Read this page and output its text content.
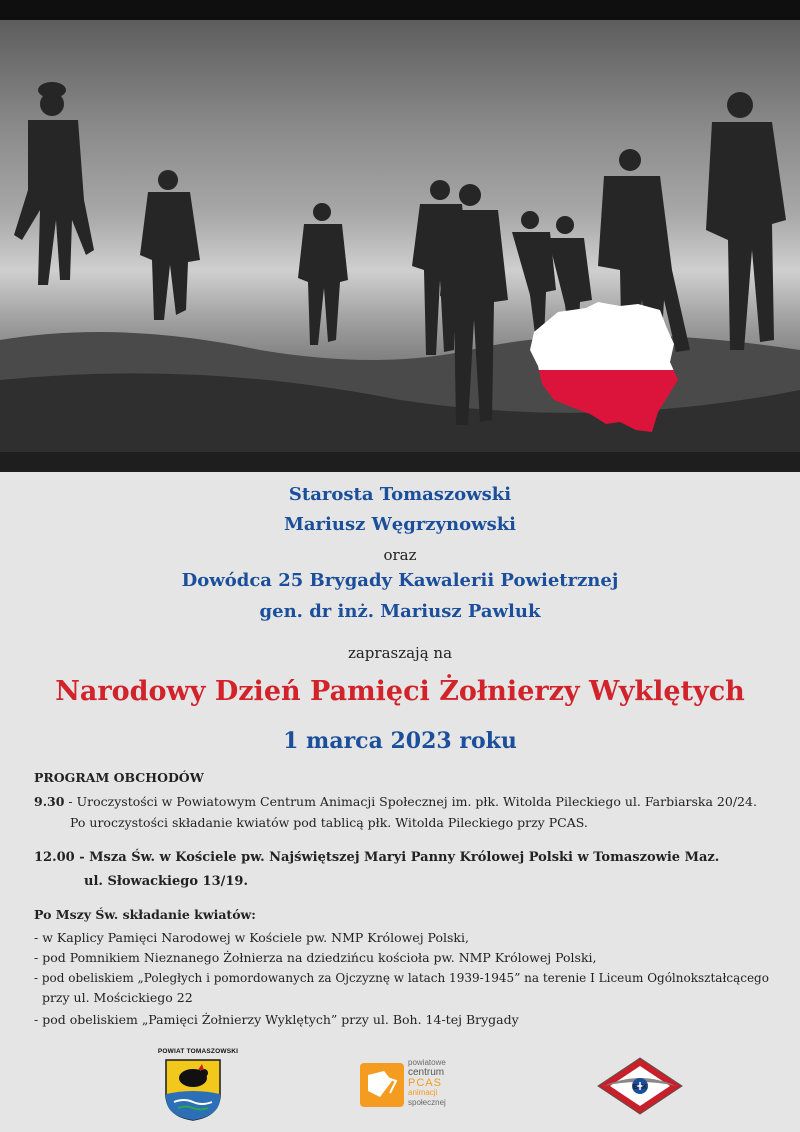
Starosta Tomaszowski
Mariusz Węgrzynowski
oraz
Dowódca 25 Brygady Kawalerii Powietrznej
gen. dr inż. Mariusz Pawluk
zapraszają na
Narodowy Dzień Pamięci Żołnierzy Wyklętych
1 marca 2023 roku
PROGRAM OBCHODÓW
9.30 - Uroczystości w Powiatowym Centrum Animacji Społecznej im. płk. Witolda Pileckiego ul. Farbiarska 20/24.
Po uroczystości składanie kwiatów pod tablicą płk. Witolda Pileckiego przy PCAS.
12.00 - Msza Św. w Kościele pw. Najświętszej Maryi Panny Królowej Polski w Tomaszowie Maz.
ul. Słowackiego 13/19.
Po Mszy Św. składanie kwiatów:
- w Kaplicy Pamięci Narodowej w Kościele pw. NMP Królowej Polski,
- pod Pomnikiem Nieznanego Żołnierza na dziedzińcu kościoła pw. NMP Królowej Polski,
- pod obeliskiem „Poległych i pomordowanych za Ojczyznę w latach 1939-1945” na terenie I Liceum Ogólnokształcącego
przy ul. Mościckiego 22
- pod obeliskiem „Pamięci Żołnierzy Wyklętych” przy ul. Boh. 14-tej Brygady
POWIAT TOMASZOWSKI
powiatowe
centrum
PCAS
animacji
społecznej
B  K
